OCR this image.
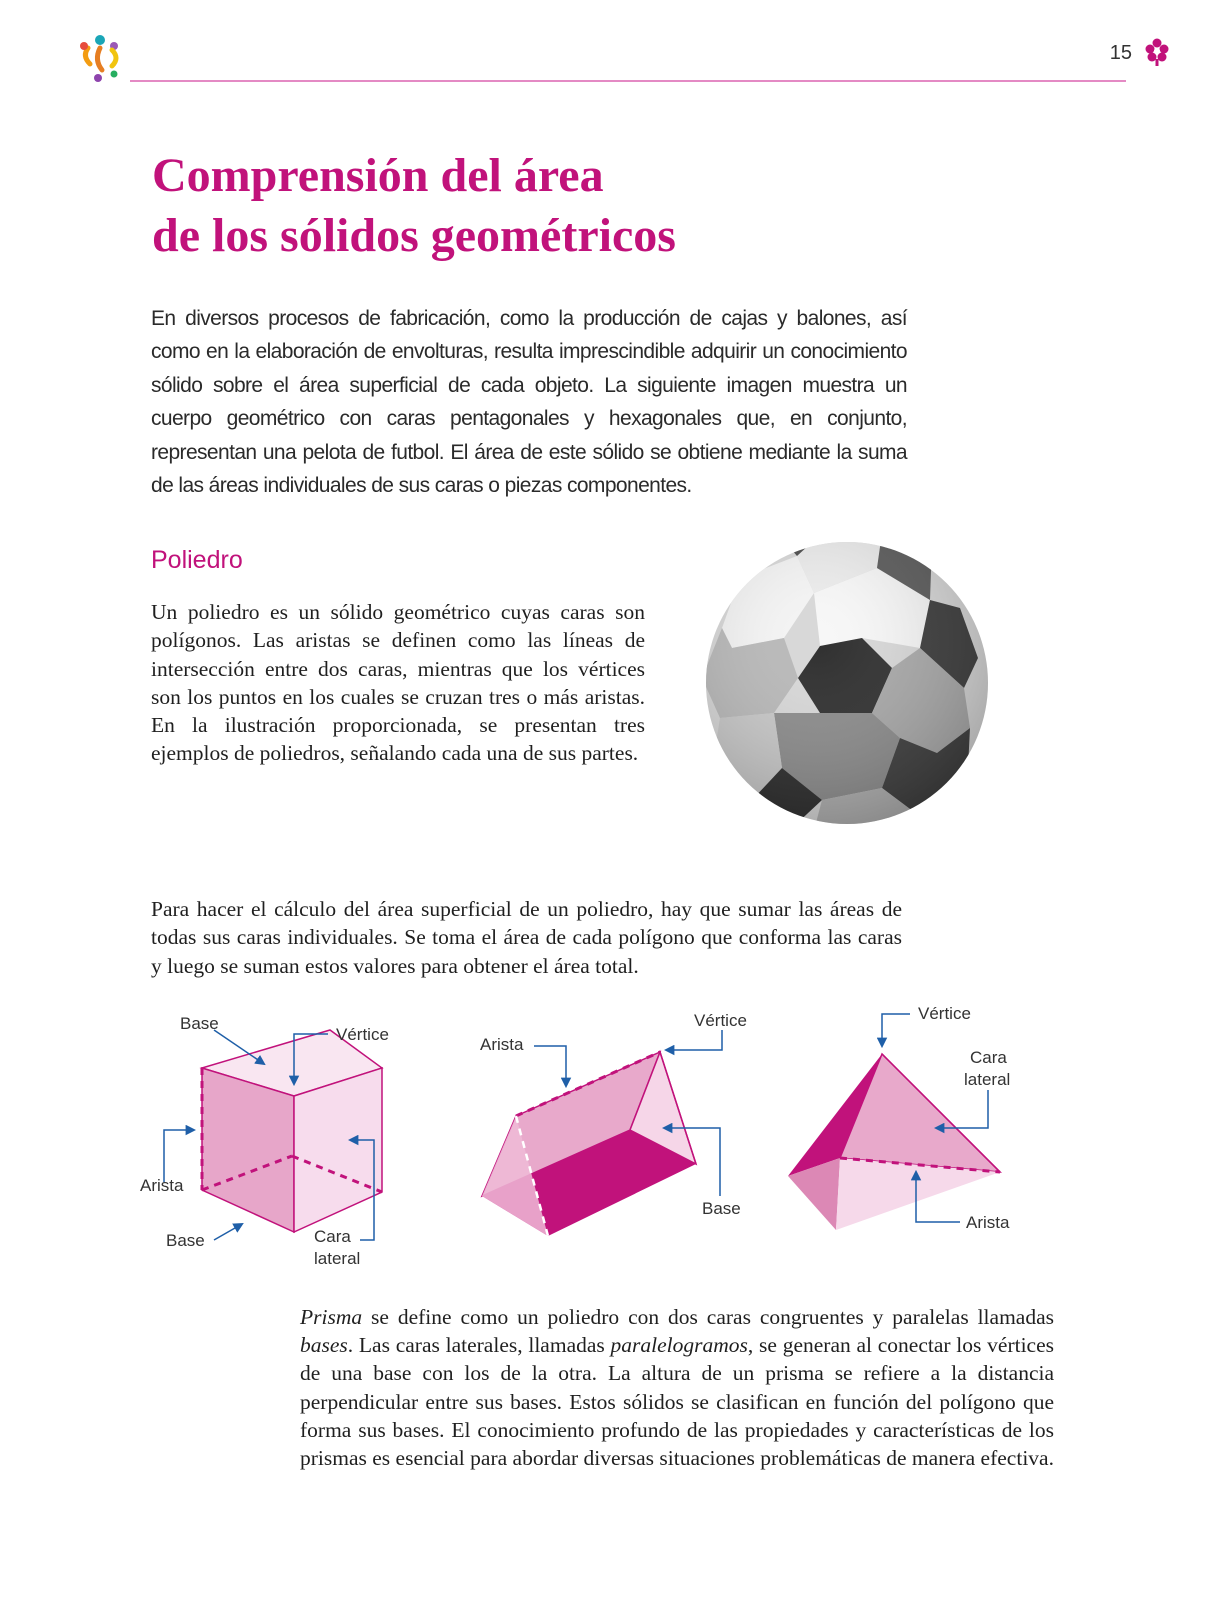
15
Comprensión del área
de los sólidos geométricos

En diversos procesos de fabricación, como la producción de cajas y balones, así como en la elaboración de envolturas, resulta imprescindible adquirir un conocimiento sólido sobre el área superficial de cada objeto. La siguiente imagen muestra un cuerpo geométrico con caras pentagonales y hexagonales que, en conjunto, representan una pelota de futbol. El área de este sólido se obtiene mediante la suma de las áreas individuales de sus caras o piezas componentes.

Poliedro

Un poliedro es un sólido geométrico cuyas caras son polígonos. Las aristas se definen como las líneas de intersección entre dos caras, mientras que los vértices son los puntos en los cuales se cruzan tres o más aristas. En la ilustración proporcionada, se presentan tres ejemplos de poliedros, señalando cada una de sus partes.

Para hacer el cálculo del área superficial de un poliedro, hay que sumar las áreas de todas sus caras individuales. Se toma el área de cada polígono que conforma las caras y luego se suman estos valores para obtener el área total.

Base
Vértice
Arista
Base	Cara
lateral
Arista
Vértice
Base
Vértice
Cara
lateral
Arista

Prisma se define como un poliedro con dos caras congruentes y paralelas llamadas bases. Las caras laterales, llamadas paralelogramos, se generan al conectar los vértices de una base con los de la otra. La altura de un prisma se refiere a la distancia perpendicular entre sus bases. Estos sólidos se clasifican en función del polígono que forma sus bases. El conocimiento profundo de las propiedades y características de los prismas es esencial para abordar diversas situaciones problemáticas de manera efectiva.
